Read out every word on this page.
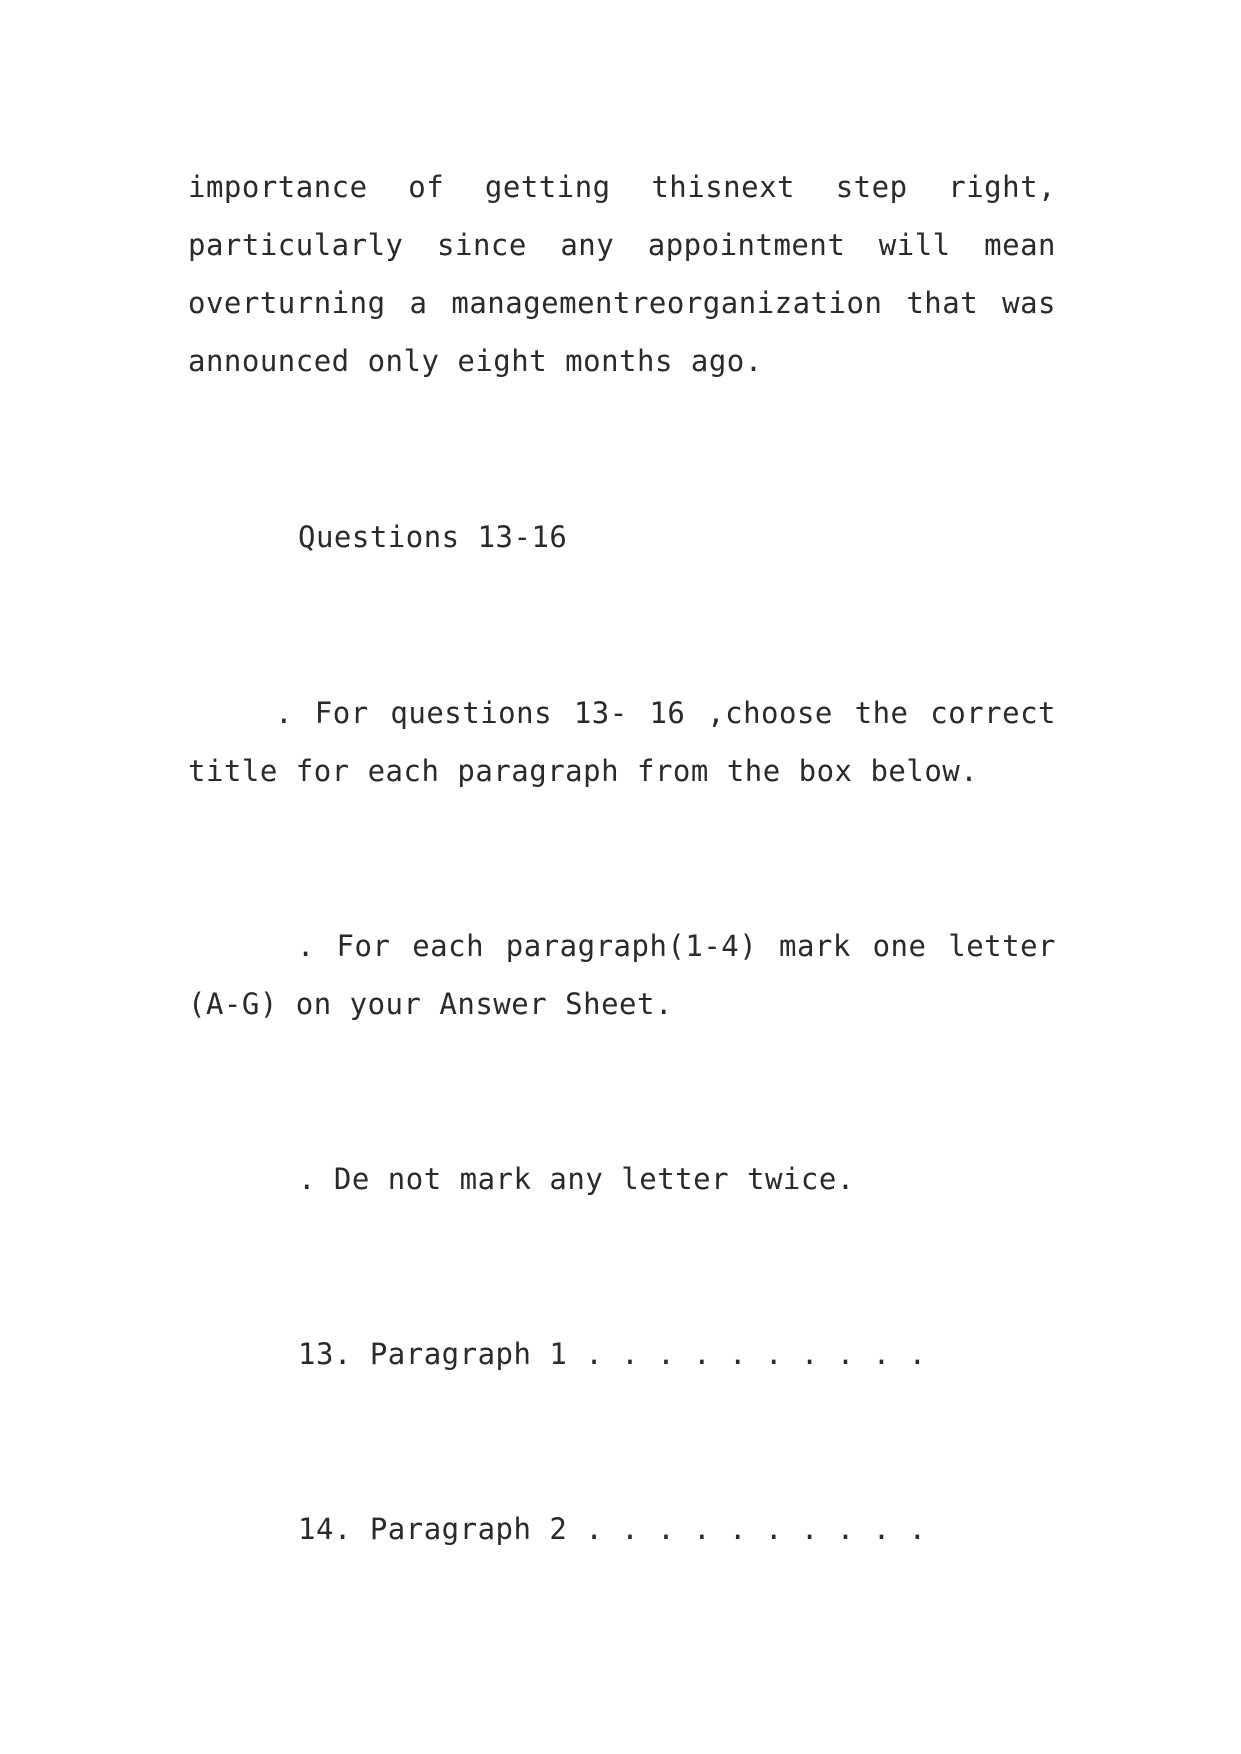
importance of getting thisnext step right,
particularly since any appointment will mean
overturning a managementreorganization that was
announced only eight months ago.
Questions 13-16
. For questions 13- 16 ,choose the correct
title for each paragraph from the box below.
. For each paragraph(1-4) mark one letter
(A-G) on your Answer Sheet.
. De not mark any letter twice.
13. Paragraph 1 . . . . . . . . . .
14. Paragraph 2 . . . . . . . . . .
